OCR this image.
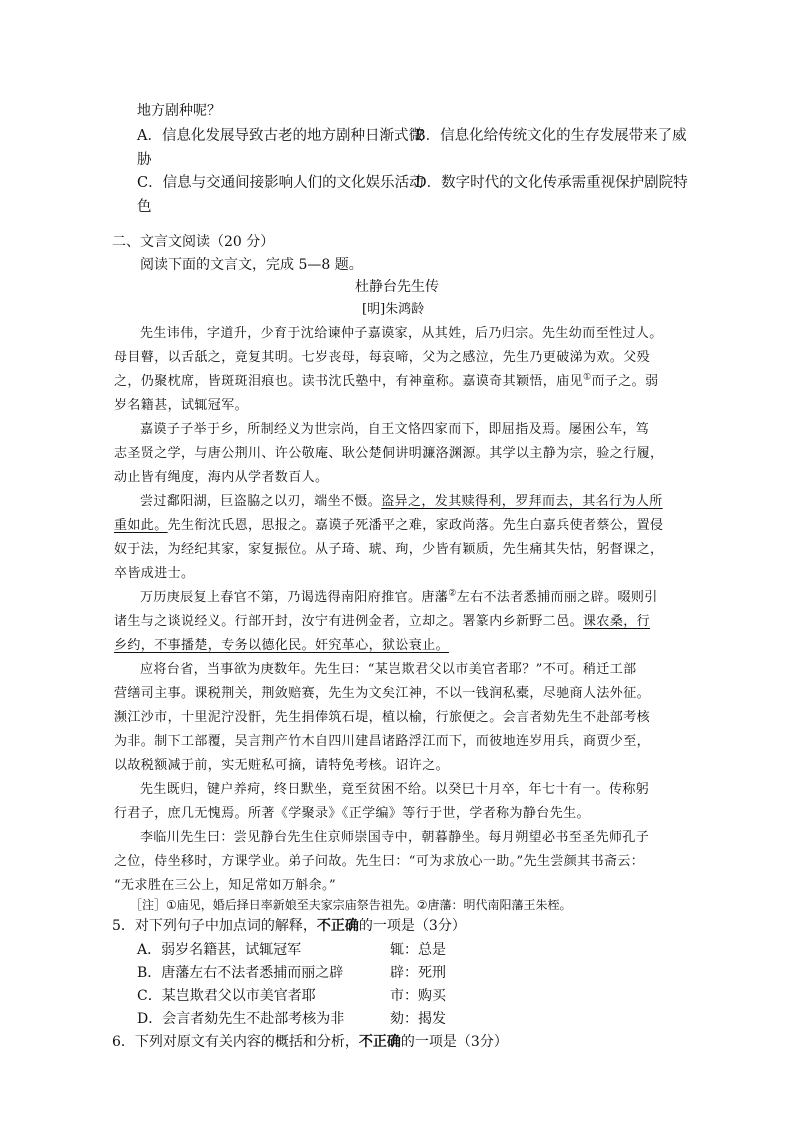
地方剧种呢？
A．信息化发展导致古老的地方剧种日渐式微
B．信息化给传统文化的生存发展带来了威
胁
C．信息与交通间接影响人们的文化娱乐活动
D．数字时代的文化传承需重视保护剧院特
色
二、文言文阅读（20 分）
阅读下面的文言文，完成 5—8 题。
杜静台先生传
[明]朱鸿龄
先生讳伟，字道升，少育于沈给谏仲子嘉谟家，从其姓，后乃归宗。先生幼而至性过人。
母目瞽，以舌舐之，竟复其明。七岁丧母，每哀啼，父为之感泣，先生乃更破涕为欢。父殁
之，仍聚枕席，皆斑斑泪痕也。读书沈氏塾中，有神童称。嘉谟奇其颖悟，庙见①而子之。弱
岁名籍甚，试辄冠军。
嘉谟子子举于乡，所制经义为世宗尚，自王文恪四家而下，即屈指及焉。屡困公车，笃
志圣贤之学，与唐公荆川、许公敬庵、耿公楚侗讲明濂洛渊源。其学以主静为宗，验之行履，
动止皆有绳度，海内从学者数百人。
尝过鄱阳湖，巨盗脇之以刃，端坐不慑。盗异之，发其赎得利，罗拜而去，其名行为人所
重如此。先生衔沈氏恩，思报之。嘉谟子死潘平之难，家政尚落。先生白嘉兵使者蔡公，置侵
奴于法，为经纪其家，家复振位。从子琦、琥、珣，少皆有颖质，先生痛其失怙，躬督课之，
卒皆成进士。
万历庚辰复上春官不第，乃谒选得南阳府推官。唐藩②左右不法者悉捕而丽之辟。啜则引
诸生与之谈说经义。行部开封，汝宁有进例金者，立却之。署篆内乡新野二邑。课农桑，行
乡约，不事播楚，专务以德化民。奸究革心，狱讼衰止。
应将台省，当事欲为庚数年。先生曰：“某岂欺君父以市美官者耶？”不可。稍迁工部
营缮司主事。课税荆关，荆敛赔赛，先生为文矣江神，不以一钱润私橐，尽驰商人法外征。
濒江沙市，十里泥泞没骭，先生捐俸筑石堤，植以榆，行旅便之。会言者劾先生不赴部考核
为非。制下工部覆，吴言荆产竹木自四川建昌诸路浮江而下，而彼地连岁用兵，商贾少至，
以故税额减于前，实无赃私可摘，请特免考核。诏许之。
先生既归，键户养疴，终日默坐，竟至贫困不给。以癸巳十月卒，年七十有一。传称躬
行君子，庶几无愧焉。所著《学聚录》《正学编》等行于世，学者称为静台先生。
李临川先生曰：尝见静台先生住京师崇国寺中，朝暮静坐。每月朔望必书至圣先师孔子
之位，侍坐移时，方课学业。弟子问故。先生曰：“可为求放心一助。”先生尝颜其书斋云：
“无求胜在三公上，知足常如万斛余。”
［注］①庙见，婚后择日率新娘至夫家宗庙祭告祖先。②唐藩：明代南阳藩王朱桎。
5．对下列句子中加点词的解释，不正确的一项是（3分）
A．弱岁名籍甚，试辄冠军	辄：总是
B．唐藩左右不法者悉捕而丽之辟	辟：死刑
C．某岂欺君父以市美官者耶	市：购买
D．会言者劾先生不赴部考核为非	劾：揭发
6．下列对原文有关内容的概括和分析，不正确的一项是（3分）
